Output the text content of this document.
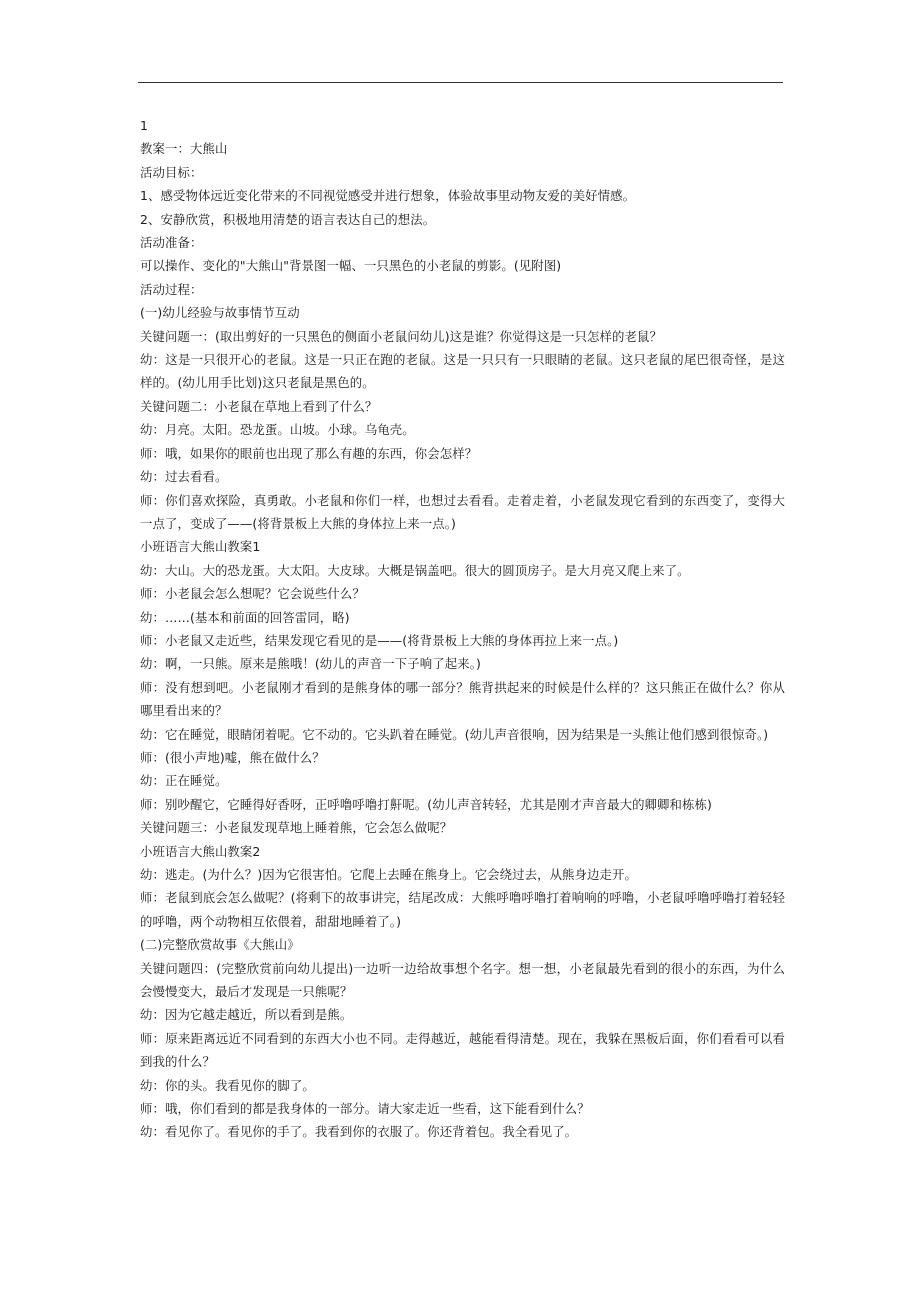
1
教案一：大熊山
活动目标：
1、感受物体远近变化带来的不同视觉感受并进行想象，体验故事里动物友爱的美好情感。
2、安静欣赏，积极地用清楚的语言表达自己的想法。
活动准备：
可以操作、变化的"大熊山"背景图一幅、一只黑色的小老鼠的剪影。(见附图)
活动过程：
(一)幼儿经验与故事情节互动
关键问题一：(取出剪好的一只黑色的侧面小老鼠问幼儿)这是谁？你觉得这是一只怎样的老鼠？
幼：这是一只很开心的老鼠。这是一只正在跑的老鼠。这是一只只有一只眼睛的老鼠。这只老鼠的尾巴很奇怪，是这样的。(幼儿用手比划)这只老鼠是黑色的。
关键问题二：小老鼠在草地上看到了什么？
幼：月亮。太阳。恐龙蛋。山坡。小球。乌龟壳。
师：哦，如果你的眼前也出现了那么有趣的东西，你会怎样？
幼：过去看看。
师：你们喜欢探险，真勇敢。小老鼠和你们一样，也想过去看看。走着走着，小老鼠发现它看到的东西变了，变得大一点了，变成了——(将背景板上大熊的身体拉上来一点。)
小班语言大熊山教案1
幼：大山。大的恐龙蛋。大太阳。大皮球。大概是锅盖吧。很大的圆顶房子。是大月亮又爬上来了。
师：小老鼠会怎么想呢？它会说些什么？
幼：……(基本和前面的回答雷同，略)
师：小老鼠又走近些，结果发现它看见的是——(将背景板上大熊的身体再拉上来一点。)
幼：啊，一只熊。原来是熊哦！(幼儿的声音一下子响了起来。)
师：没有想到吧。小老鼠刚才看到的是熊身体的哪一部分？熊背拱起来的时候是什么样的？这只熊正在做什么？你从哪里看出来的？
幼：它在睡觉，眼睛闭着呢。它不动的。它头趴着在睡觉。(幼儿声音很响，因为结果是一头熊让他们感到很惊奇。)
师：(很小声地)嘘，熊在做什么？
幼：正在睡觉。
师：别吵醒它，它睡得好香呀，正呼噜呼噜打鼾呢。(幼儿声音转轻，尤其是刚才声音最大的卿卿和栋栋)
关键问题三：小老鼠发现草地上睡着熊，它会怎么做呢？
小班语言大熊山教案2
幼：逃走。(为什么？)因为它很害怕。它爬上去睡在熊身上。它会绕过去，从熊身边走开。
师：老鼠到底会怎么做呢？(将剩下的故事讲完，结尾改成：大熊呼噜呼噜打着响响的呼噜，小老鼠呼噜呼噜打着轻轻的呼噜，两个动物相互依偎着，甜甜地睡着了。)
(二)完整欣赏故事《大熊山》
关键问题四：(完整欣赏前向幼儿提出)一边听一边给故事想个名字。想一想，小老鼠最先看到的很小的东西，为什么会慢慢变大，最后才发现是一只熊呢？
幼：因为它越走越近，所以看到是熊。
师：原来距离远近不同看到的东西大小也不同。走得越近，越能看得清楚。现在，我躲在黑板后面，你们看看可以看到我的什么？
幼：你的头。我看见你的脚了。
师：哦，你们看到的都是我身体的一部分。请大家走近一些看，这下能看到什么？
幼：看见你了。看见你的手了。我看到你的衣服了。你还背着包。我全看见了。
